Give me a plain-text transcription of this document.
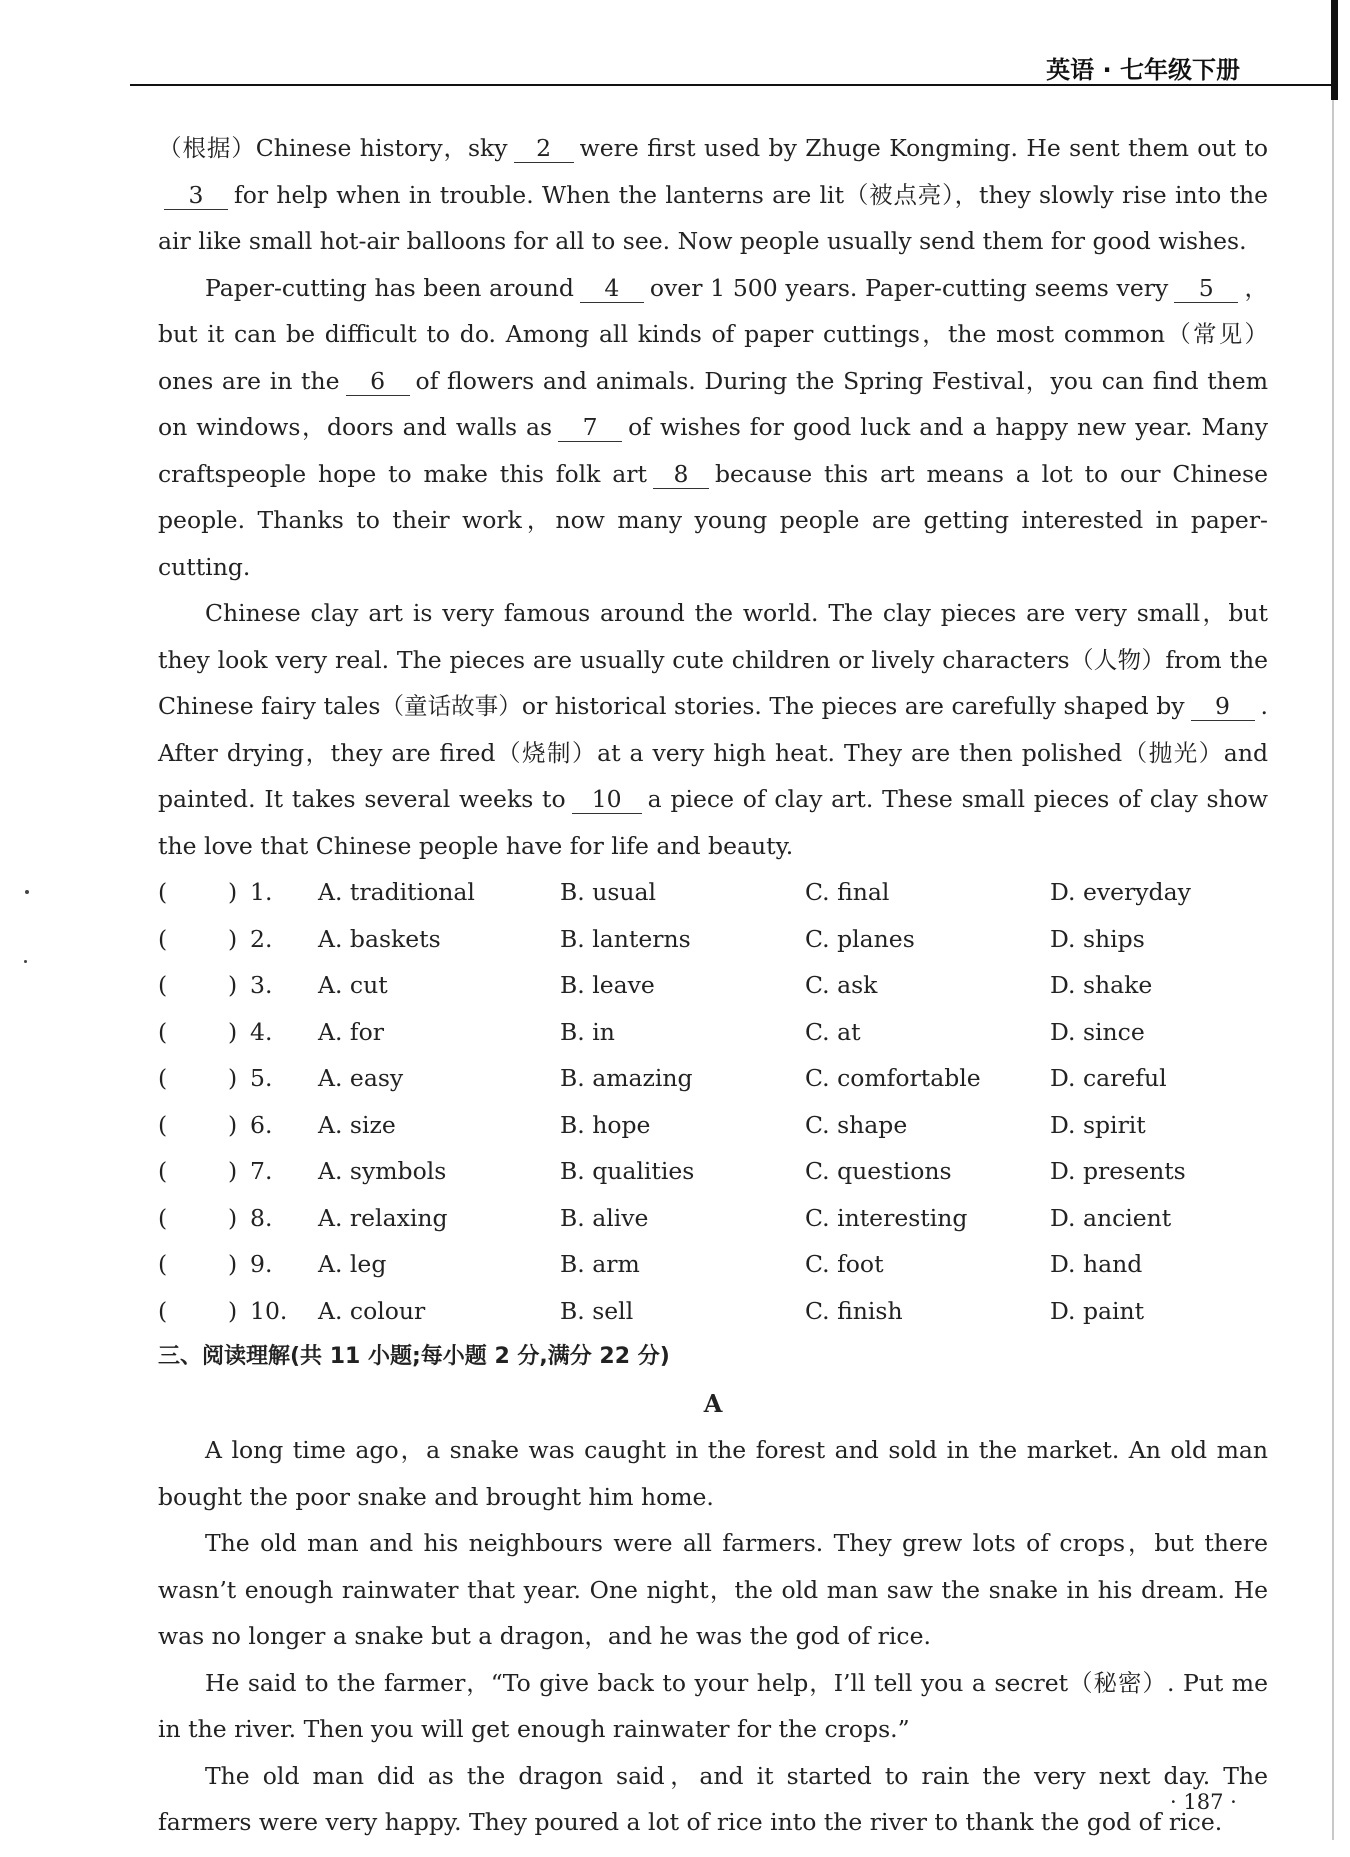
英语 · 七年级下册

（根据）Chinese history，sky 2 were first used by Zhuge Kongming. He sent them out to 3 for help when in trouble. When the lanterns are lit（被点亮），they slowly rise into the air like small hot-air balloons for all to see. Now people usually send them for good wishes.

Paper-cutting has been around 4 over 1 500 years. Paper-cutting seems very 5 ，but it can be difficult to do. Among all kinds of paper cuttings，the most common（常见）ones are in the 6 of flowers and animals. During the Spring Festival，you can find them on windows，doors and walls as 7 of wishes for good luck and a happy new year. Many craftspeople hope to make this folk art 8 because this art means a lot to our Chinese people. Thanks to their work，now many young people are getting interested in paper-cutting.

Chinese clay art is very famous around the world. The clay pieces are very small，but they look very real. The pieces are usually cute children or lively characters（人物）from the Chinese fairy tales（童话故事）or historical stories. The pieces are carefully shaped by 9 . After drying，they are fired（烧制）at a very high heat. They are then polished（抛光）and painted. It takes several weeks to 10 a piece of clay art. These small pieces of clay show the love that Chinese people have for life and beauty.

(	) 1. A. traditional	B. usual	C. final	D. everyday
(	) 2. A. baskets	B. lanterns	C. planes	D. ships
(	) 3. A. cut	B. leave	C. ask	D. shake
(	) 4. A. for	B. in	C. at	D. since
(	) 5. A. easy	B. amazing	C. comfortable	D. careful
(	) 6. A. size	B. hope	C. shape	D. spirit
(	) 7. A. symbols	B. qualities	C. questions	D. presents
(	) 8. A. relaxing	B. alive	C. interesting	D. ancient
(	) 9. A. leg	B. arm	C. foot	D. hand
(	) 10. A. colour	B. sell	C. finish	D. paint
三、阅读理解(共 11 小题;每小题 2 分,满分 22 分)
A

A long time ago，a snake was caught in the forest and sold in the market. An old man bought the poor snake and brought him home.

The old man and his neighbours were all farmers. They grew lots of crops，but there wasn’t enough rainwater that year. One night，the old man saw the snake in his dream. He was no longer a snake but a dragon，and he was the god of rice.

He said to the farmer，“To give back to your help，I’ll tell you a secret（秘密）. Put me in the river. Then you will get enough rainwater for the crops.”

The old man did as the dragon said，and it started to rain the very next day. The farmers were very happy. They poured a lot of rice into the river to thank the god of rice.

· 187 ·
